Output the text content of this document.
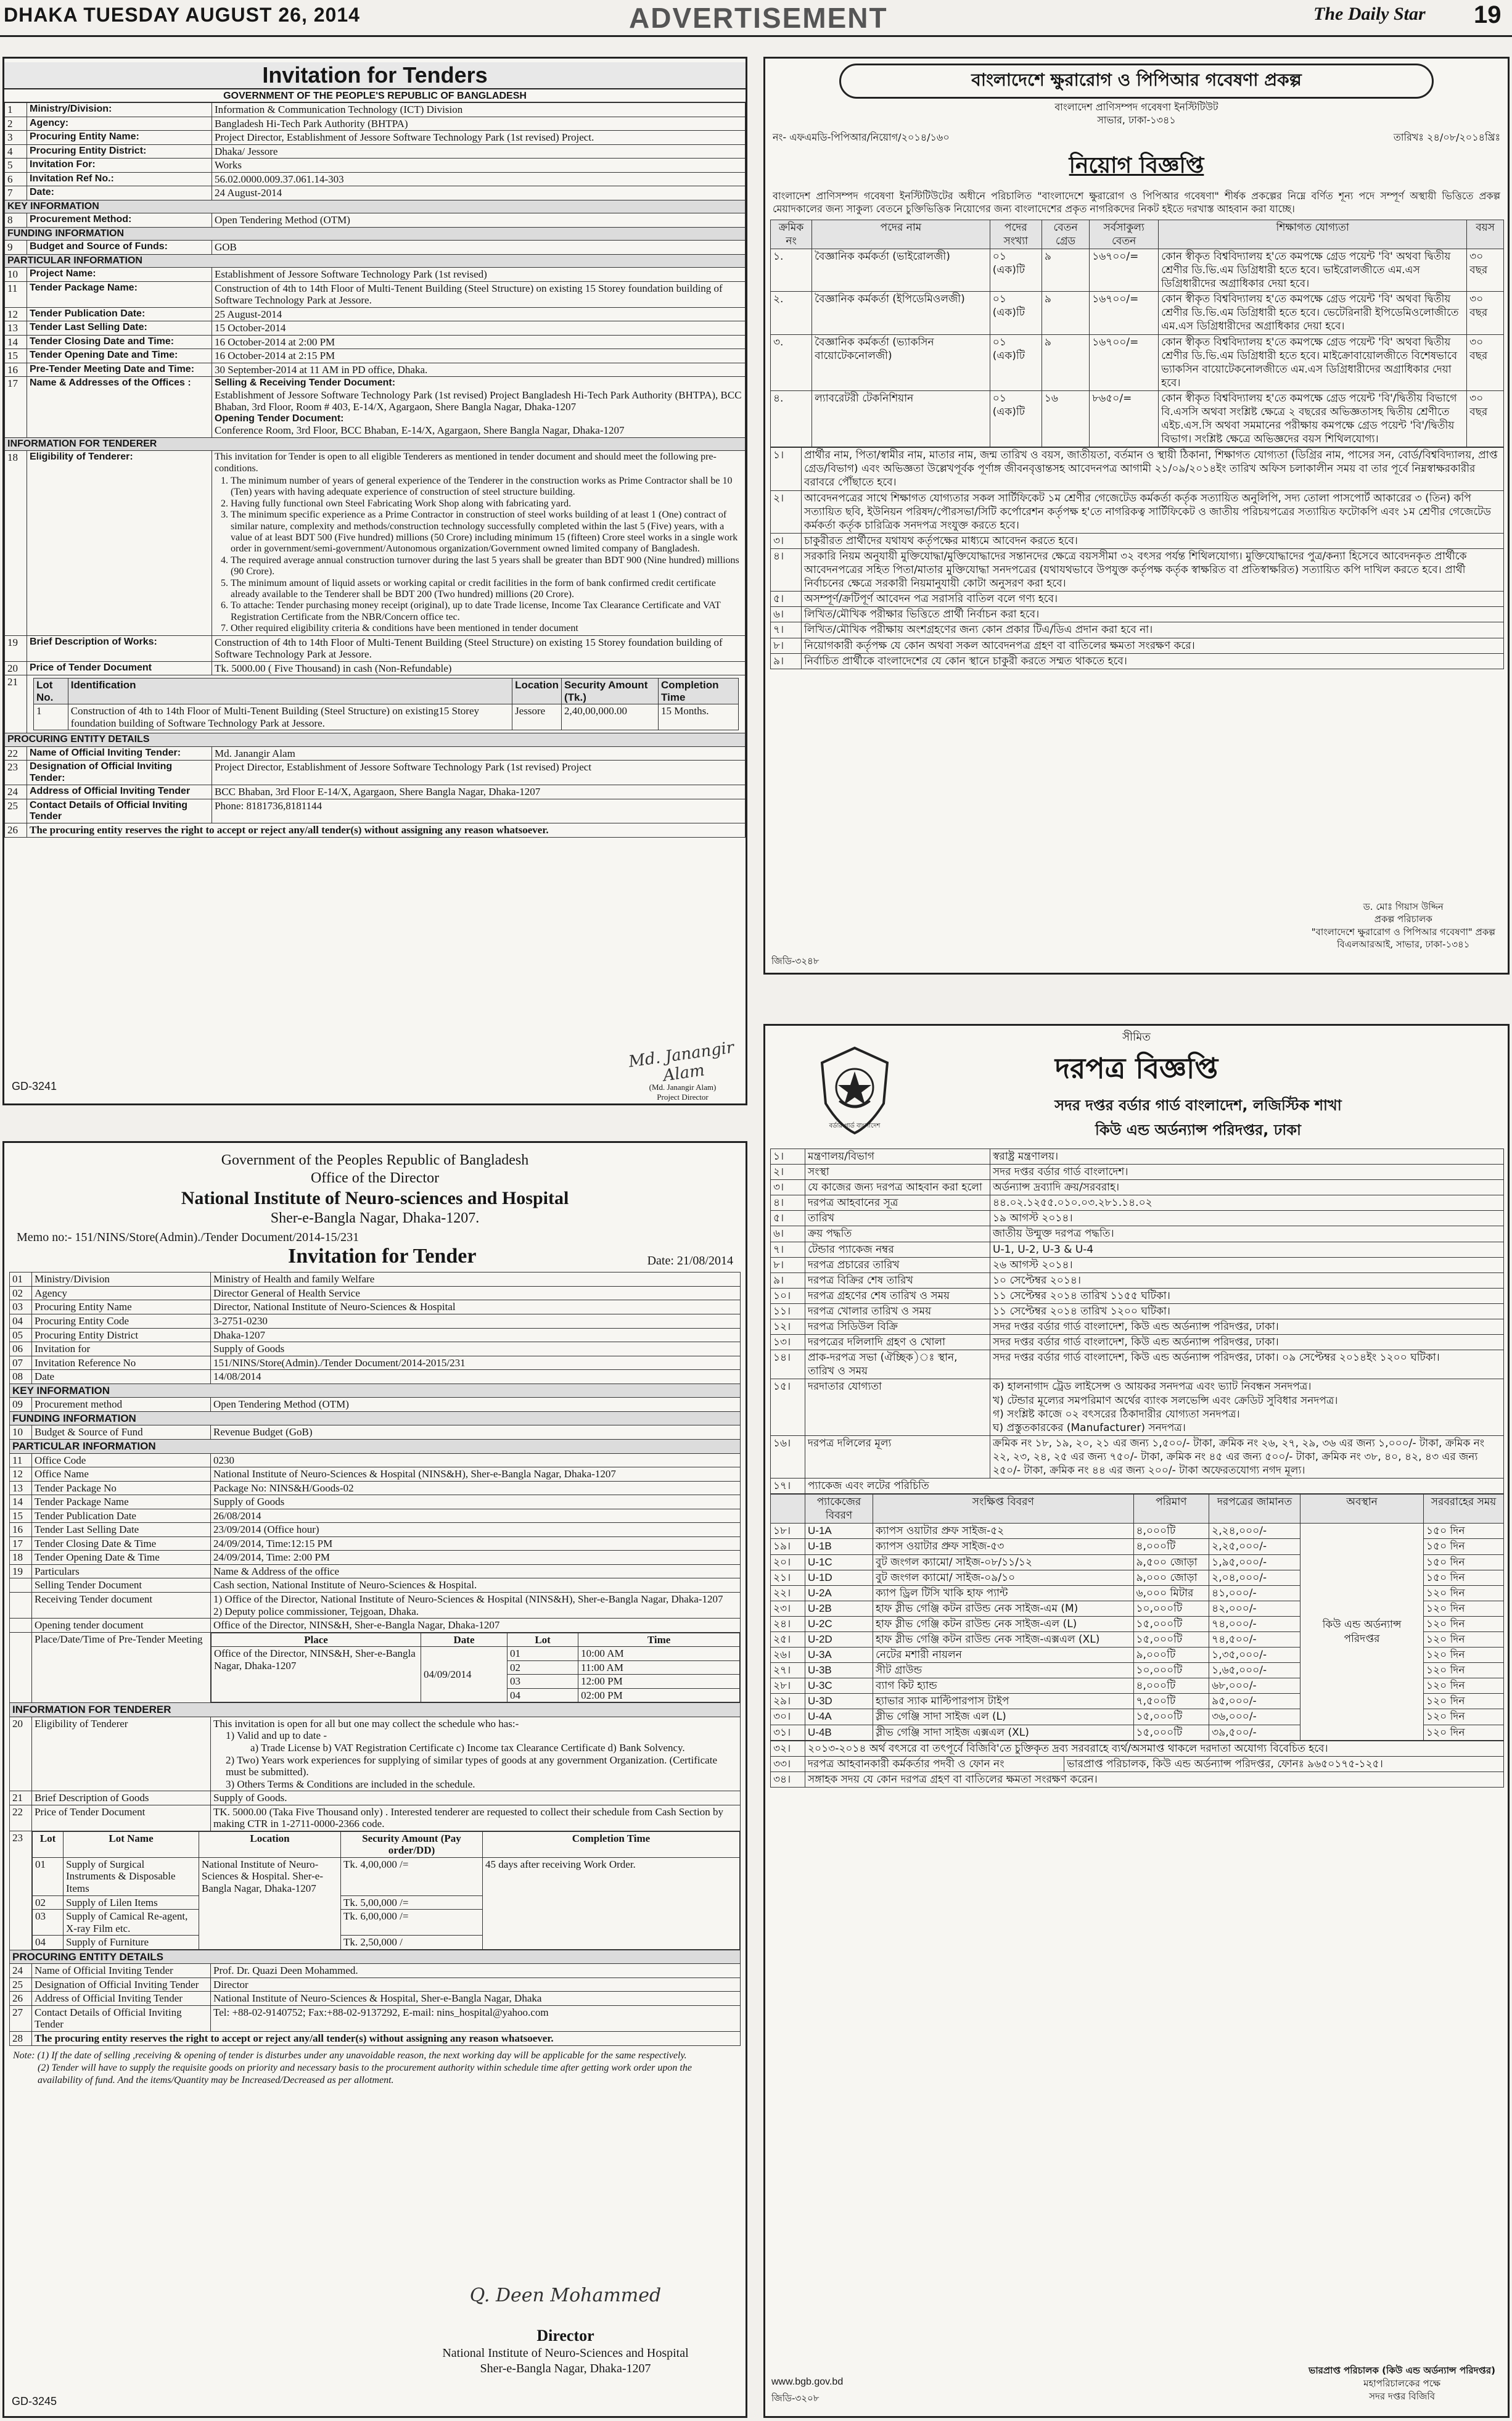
DHAKA TUESDAY AUGUST 26, 2014	ADVERTISEMENT	The Daily Star 19
Invitation for Tenders
GOVERNMENT OF THE PEOPLE'S REPUBLIC OF BANGLADESH
1	Ministry/Division:	Information & Communication Technology (ICT) Division
2	Agency:	Bangladesh Hi-Tech Park Authority (BHTPA)
3	Procuring Entity Name:	Project Director, Establishment of Jessore Software Technology Park (1st revised) Project.
4	Procuring Entity District:	Dhaka/ Jessore
5	Invitation For:	Works
6	Invitation Ref No.:	56.02.0000.009.37.061.14-303
7	Date:	24 August-2014
KEY INFORMATION
8	Procurement Method:	Open Tendering Method (OTM)
FUNDING INFORMATION
9	Budget and Source of Funds:	GOB
PARTICULAR INFORMATION
10	Project Name:	Establishment of Jessore Software Technology Park (1st revised)
11	Tender Package Name:	Construction of 4th to 14th Floor of Multi-Tenent Building (Steel Structure) on existing 15 Storey foundation building of Software Technology Park at Jessore.
12	Tender Publication Date:	25 August-2014
13	Tender Last Selling Date:	15 October-2014
14	Tender Closing Date and Time:	16 October-2014 at 2:00 PM
15	Tender Opening Date and Time:	16 October-2014 at 2:15 PM
16	Pre-Tender Meeting Date and Time:	30 September-2014 at 11 AM in PD office, Dhaka.
17	Name & Addresses of the Offices :	Selling & Receiving Tender Document:
Establishment of Jessore Software Technology Park (1st revised) Project Bangladesh Hi-Tech Park Authority (BHTPA), BCC Bhaban, 3rd Floor, Room # 403, E-14/X, Agargaon, Shere Bangla Nagar, Dhaka-1207
Opening Tender Document:
Conference Room, 3rd Floor, BCC Bhaban, E-14/X, Agargaon, Shere Bangla Nagar, Dhaka-1207

INFORMATION FOR TENDERER
18	Eligibility of Tenderer:	This invitation for Tender is open to all eligible Tenderers as mentioned in tender document and should meet the following pre-conditions.
1. The minimum number of years of general experience of the Tenderer in the construction works as Prime Contractor shall be 10 (Ten) years with having adequate experience of construction of steel structure building.
2. Having fully functional own Steel Fabricating Work Shop along with fabricating yard.
3. The minimum specific experience as a Prime Contractor in construction of steel works building of at least 1 (One) contract of similar nature, complexity and methods/construction technology successfully completed within the last 5 (Five) years, with a value of at least BDT 500 (Five hundred) millions (50 Crore) including minimum 15 (fifteen) Crore steel works in a single work order in government/semi-government/Autonomous organization/Government owned limited company of Bangladesh.
4. The required average annual construction turnover during the last 5 years shall be greater than BDT 900 (Nine hundred) millions (90 Crore).
5. The minimum amount of liquid assets or working capital or credit facilities in the form of bank confirmed credit certificate already available to the Tenderer shall be BDT 200 (Two hundred) millions (20 Crore).
6. To attache: Tender purchasing money receipt (original), up to date Trade license, Income Tax Clearance Certificate and VAT Registration Certificate from the NBR/Concern office tec.
7. Other required eligibility criteria & conditions have been mentioned in tender document

19	Brief Description of Works:	Construction of 4th to 14th Floor of Multi-Tenent Building (Steel Structure) on existing 15 Storey foundation building of Software Technology Park at Jessore.
20	Price of Tender Document	Tk. 5000.00 ( Five Thousand) in cash (Non-Refundable)
21	Lot No.	Identification	Location	Security Amount (Tk.)	Completion Time
1	Construction of 4th to 14th Floor of Multi-Tenent Building (Steel Structure) on existing15 Storey foundation building of Software Technology Park at Jessore.	Jessore	2,40,00,000.00	15 Months.

PROCURING ENTITY DETAILS
22	Name of Official Inviting Tender:	Md. Janangir Alam
23	Designation of Official Inviting Tender:	Project Director, Establishment of Jessore Software Technology Park (1st revised) Project
24	Address of Official Inviting Tender	BCC Bhaban, 3rd Floor E-14/X, Agargaon, Shere Bangla Nagar, Dhaka-1207
25	Contact Details of Official Inviting Tender	Phone: 8181736,8181144
26	The procuring entity reserves the right to accept or reject any/all tender(s) without assigning any reason whatsoever.
Md. Janangir Alam
(Md. Janangir Alam)
Project Director
GD-3241
Government of the Peoples Republic of Bangladesh
Office of the Director
National Institute of Neuro-sciences and Hospital
Sher-e-Bangla Nagar, Dhaka-1207.
Memo no:- 151/NINS/Store(Admin)./Tender Document/2014-15/231
Invitation for Tender	Date: 21/08/2014
01	Ministry/Division	Ministry of Health and family Welfare
02	Agency	Director General of Health Service
03	Procuring Entity Name	Director, National Institute of Neuro-Sciences & Hospital
04	Procuring Entity Code	3-2751-0230
05	Procuring Entity District	Dhaka-1207
06	Invitation for	Supply of Goods
07	Invitation Reference No	151/NINS/Store(Admin)./Tender Document/2014-2015/231
08	Date	14/08/2014
KEY INFORMATION
09	Procurement method	Open Tendering Method (OTM)
FUNDING INFORMATION
10	Budget & Source of Fund	Revenue Budget (GoB)
PARTICULAR INFORMATION
11	Office Code	0230
12	Office Name	National Institute of Neuro-Sciences & Hospital (NINS&H), Sher-e-Bangla Nagar, Dhaka-1207
13	Tender Package No	Package No: NINS&H/Goods-02
14	Tender Package Name	Supply of Goods
15	Tender Publication Date	26/08/2014
16	Tender Last Selling Date	23/09/2014 (Office hour)
17	Tender Closing Date & Time	24/09/2014, Time:12:15 PM
18	Tender Opening Date & Time	24/09/2014, Time: 2:00 PM
19	Particulars	Name & Address of the office
	Selling Tender Document	Cash section, National Institute of Neuro-Sciences & Hospital.
	Receiving Tender document	1) Office of the Director, National Institute of Neuro-Sciences & Hospital (NINS&H), Sher-e-Bangla Nagar, Dhaka-1207
2) Deputy police commissioner, Tejgoan, Dhaka.

	Opening tender document	Office of the Director, NINS&H, Sher-e-Bangla Nagar, Dhaka-1207
	Place/Date/Time of Pre-Tender Meeting		Place	Date	Lot	Time
Office of the Director, NINS&H, Sher-e-Bangla Nagar, Dhaka-1207	04/09/2014	01	10:00 AM
02	11:00 AM
03	12:00 PM
04	02:00 PM

INFORMATION FOR TENDERER
20	Eligibility of Tenderer	This invitation is open for all but one may collect the schedule who has:-
1) Valid and up to date -
a) Trade License b) VAT Registration Certificate c) Income tax Clearance Certificate d) Bank Solvency.
2) Two) Years work experiences for supplying of similar types of goods at any government Organization. (Certificate must be submitted).
3) Others Terms & Conditions are included in the schedule.

21	Brief Description of Goods	Supply of Goods.
22	Price of Tender Document	TK. 5000.00 (Taka Five Thousand only) . Interested tenderer are requested to collect their schedule from Cash Section by making CTR in 1-2711-0000-2366 code.
23	Lot	Lot Name	Location	Security Amount (Pay order/DD)	Completion Time
01	Supply of Surgical Instruments & Disposable Items	National Institute of Neuro-Sciences & Hospital. Sher-e-Bangla Nagar, Dhaka-1207	Tk. 4,00,000 /=	45 days after receiving Work Order.
02	Supply of Lilen Items	Tk. 5,00,000 /=
03	Supply of Camical Re-agent, X-ray Film etc.	Tk. 6,00,000 /=
04	Supply of Furniture	Tk. 2,50,000 /

PROCURING ENTITY DETAILS
24	Name of Official Inviting Tender	Prof. Dr. Quazi Deen Mohammed.
25	Designation of Official Inviting Tender	Director
26	Address of Official Inviting Tender	National Institute of Neuro-Sciences & Hospital, Sher-e-Bangla Nagar, Dhaka
27	Contact Details of Official Inviting Tender	Tel: +88-02-9140752; Fax:+88-02-9137292, E-mail: nins_hospital@yahoo.com
28	The procuring entity reserves the right to accept or reject any/all tender(s) without assigning any reason whatsoever.
Note: (1) If the date of selling ,receiving & opening of tender is disturbes under any unavoidable reason, the next working day will be applicable for the same respectively.
(2) Tender will have to supply the requisite goods on priority and necessary basis to the procurement authority within schedule time after getting work order upon the availability of fund. And the items/Quantity may be Increased/Decreased as per allotment.
Q. Deen Mohammed
Director
National Institute of Neuro-Sciences and Hospital
Sher-e-Bangla Nagar, Dhaka-1207
GD-3245
বাংলাদেশে ক্ষুরারোগ ও পিপিআর গবেষণা প্রকল্প
বাংলাদেশ প্রাণিসম্পদ গবেষণা ইনস্টিটিউট
সাভার, ঢাকা-১৩৪১
নং- এফএমডি-পিপিআর/নিয়োগ/২০১৪/১৬০	তারিখঃ ২৪/০৮/২০১৪খ্রিঃ
নিয়োগ বিজ্ঞপ্তি
বাংলাদেশ প্রাণিসম্পদ গবেষণা ইনস্টিটিউটের অধীনে পরিচালিত "বাংলাদেশে ক্ষুরারোগ ও পিপিআর গবেষণা" শীর্ষক প্রকল্পের নিম্নে বর্ণিত শূন্য পদে সম্পূর্ণ অস্থায়ী ভিত্তিতে প্রকল্প মেয়াদকালের জন্য সাকুল্য বেতনে চুক্তিভিত্তিক নিয়োগের জন্য বাংলাদেশের প্রকৃত নাগরিকদের নিকট হইতে দরখাস্ত আহবান করা যাচ্ছে।
ক্রমিক নং	পদের নাম	পদের সংখ্যা	বেতন গ্রেড	সর্বসাকুল্য বেতন	শিক্ষাগত যোগ্যতা	বয়স
১.	বৈজ্ঞানিক কর্মকর্তা (ভাইরোলজী)	০১ (এক)টি	৯	১৬৭০০/=	কোন স্বীকৃত বিশ্ববিদ্যালয় হ'তে কমপক্ষে গ্রেড পয়েন্ট 'বি' অথবা দ্বিতীয় শ্রেণীর ডি.ভি.এম ডিগ্রিধারী হতে হবে। ভাইরোলজীতে এম.এস ডিগ্রিধারীদের অগ্রাধিকার দেয়া হবে।	৩০ বছর
২.	বৈজ্ঞানিক কর্মকর্তা (ইপিডেমিওলজী)	০১ (এক)টি	৯	১৬৭০০/=	কোন স্বীকৃত বিশ্ববিদ্যালয় হ'তে কমপক্ষে গ্রেড পয়েন্ট 'বি' অথবা দ্বিতীয় শ্রেণীর ডি.ভি.এম ডিগ্রিধারী হতে হবে। ভেটেরিনারী ইপিডেমিওলোজীতে এম.এস ডিগ্রিধারীদের অগ্রাধিকার দেয়া হবে।	৩০ বছর
৩.	বৈজ্ঞানিক কর্মকর্তা (ভ্যাকসিন বায়োটেকনোলজী)	০১ (এক)টি	৯	১৬৭০০/=	কোন স্বীকৃত বিশ্ববিদ্যালয় হ'তে কমপক্ষে গ্রেড পয়েন্ট 'বি' অথবা দ্বিতীয় শ্রেণীর ডি.ভি.এম ডিগ্রিধারী হতে হবে। মাইক্রোবায়োলজীতে বিশেষভাবে ভ্যাকসিন বায়োটেকনোলজীতে এম.এস ডিগ্রিধারীদের অগ্রাধিকার দেয়া হবে।	৩০ বছর
৪.	ল্যাবরেটরী টেকনিশিয়ান	০১ (এক)টি	১৬	৮৬৫০/=	কোন স্বীকৃত বিশ্ববিদ্যালয় হ'তে কমপক্ষে গ্রেড পয়েন্ট 'বি'/দ্বিতীয় বিভাগে বি.এসসি অথবা সংশ্লিষ্ট ক্ষেত্রে ২ বছরের অভিজ্ঞতাসহ দ্বিতীয় শ্রেণীতে এইচ.এস.সি অথবা সমমানের পরীক্ষায় কমপক্ষে গ্রেড পয়েন্ট 'বি'/দ্বিতীয় বিভাগ। সংশ্লিষ্ট ক্ষেত্রে অভিজ্ঞদের বয়স শিথিলযোগ্য।	৩০ বছর
১।	প্রার্থীর নাম, পিতা/স্বামীর নাম, মাতার নাম, জন্ম তারিখ ও বয়স, জাতীয়তা, বর্তমান ও স্থায়ী ঠিকানা, শিক্ষাগত যোগ্যতা (ডিগ্রির নাম, পাসের সন, বোর্ড/বিশ্ববিদ্যালয়, প্রাপ্ত গ্রেড/বিভাগ) এবং অভিজ্ঞতা উল্লেখপূর্বক পূর্ণাঙ্গ জীবনবৃত্তান্তসহ আবেদনপত্র আগামী ২১/০৯/২০১৪ইং তারিখ অফিস চলাকালীন সময় বা তার পূর্বে নিম্নস্বাক্ষরকারীর বরাবরে পৌঁছাতে হবে।
২।	আবেদনপত্রের সাথে শিক্ষাগত যোগ্যতার সকল সার্টিফিকেট ১ম শ্রেণীর গেজেটেড কর্মকর্তা কর্তৃক সত্যায়িত অনুলিপি, সদ্য তোলা পাসপোর্ট আকারের ৩ (তিন) কপি সত্যায়িত ছবি, ইউনিয়ন পরিষদ/পৌরসভা/সিটি কর্পোরেশন কর্তৃপক্ষ হ'তে নাগরিকত্ব সার্টিফিকেট ও জাতীয় পরিচয়পত্রের সত্যায়িত ফটোকপি এবং ১ম শ্রেণীর গেজেটেড কর্মকর্তা কর্তৃক চারিত্রিক সনদপত্র সংযুক্ত করতে হবে।
৩।	চাকুরীরত প্রার্থীদের যথাযথ কর্তৃপক্ষের মাধ্যমে আবেদন করতে হবে।
৪।	সরকারি নিয়ম অনুযায়ী মুক্তিযোদ্ধা/মুক্তিযোদ্ধাদের সন্তানদের ক্ষেত্রে বয়সসীমা ৩২ বৎসর পর্যন্ত শিথিলযোগ্য। মুক্তিযোদ্ধাদের পুত্র/কন্যা হিসেবে আবেদনকৃত প্রার্থীকে আবেদনপত্রের সহিত পিতা/মাতার মুক্তিযোদ্ধা সনদপত্রের (যথাযথভাবে উপযুক্ত কর্তৃপক্ষ কর্তৃক স্বাক্ষরিত বা প্রতিস্বাক্ষরিত) সত্যায়িত কপি দাখিল করতে হবে। প্রার্থী নির্বাচনের ক্ষেত্রে সরকারী নিয়মানুযায়ী কোটা অনুসরণ করা হবে।
৫।	অসম্পূর্ণ/ক্রটিপূর্ণ আবেদন পত্র সরাসরি বাতিল বলে গণ্য হবে।
৬।	লিখিত/মৌখিক পরীক্ষার ভিত্তিতে প্রার্থী নির্বাচন করা হবে।
৭।	লিখিত/মৌখিক পরীক্ষায় অংশগ্রহণের জন্য কোন প্রকার টিএ/ডিএ প্রদান করা হবে না।
৮।	নিয়োগকারী কর্তৃপক্ষ যে কোন অথবা সকল আবেদনপত্র গ্রহণ বা বাতিলের ক্ষমতা সংরক্ষণ করে।
৯।	নির্বাচিত প্রার্থীকে বাংলাদেশের যে কোন স্থানে চাকুরী করতে সম্মত থাকতে হবে।
ড. মোঃ গিয়াস উদ্দিন
প্রকল্প পরিচালক
"বাংলাদেশে ক্ষুরারোগ ও পিপিআর গবেষণা" প্রকল্প
বিএলআরআই, সাভার, ঢাকা-১৩৪১
জিডি-৩২৪৮
বর্ডার গার্ড বাংলাদেশ
সীমিত
দরপত্র বিজ্ঞপ্তি
সদর দপ্তর বর্ডার গার্ড বাংলাদেশ, লজিস্টিক শাখা
কিউ এন্ড অর্ডন্যান্স পরিদপ্তর, ঢাকা
১।	মন্ত্রণালয়/বিভাগ	স্বরাষ্ট্র মন্ত্রণালয়।
২।	সংস্থা	সদর দপ্তর বর্ডার গার্ড বাংলাদেশ।
৩।	যে কাজের জন্য দরপত্র আহবান করা হলো	অর্ডন্যান্স দ্রব্যাদি ক্রয়/সরবরাহ।
৪।	দরপত্র আহবানের সূত্র	৪৪.০২.১২৫৫.০১০.০৩.২৮১.১৪.০২
৫।	তারিখ	১৯ আগস্ট ২০১৪।
৬।	ক্রয় পদ্ধতি	জাতীয় উন্মুক্ত দরপত্র পদ্ধতি।
৭।	টেন্ডার প্যাকেজ নম্বর	U-1, U-2, U-3 & U-4
৮।	দরপত্র প্রচারের তারিখ	২৬ আগস্ট ২০১৪।
৯।	দরপত্র বিক্রির শেষ তারিখ	১০ সেপ্টেম্বর ২০১৪।
১০।	দরপত্র গ্রহণের শেষ তারিখ ও সময়	১১ সেপ্টেম্বর ২০১৪ তারিখ ১১৫৫ ঘটিকা।
১১।	দরপত্র খোলার তারিখ ও সময়	১১ সেপ্টেম্বর ২০১৪ তারিখ ১২০০ ঘটিকা।
১২।	দরপত্র সিডিউল বিক্রি	সদর দপ্তর বর্ডার গার্ড বাংলাদেশ, কিউ এন্ড অর্ডন্যান্স পরিদপ্তর, ঢাকা।
১৩।	দরপত্রের দলিলাদি গ্রহণ ও খোলা	সদর দপ্তর বর্ডার গার্ড বাংলাদেশ, কিউ এন্ড অর্ডন্যান্স পরিদপ্তর, ঢাকা।
১৪।	প্রাক-দরপত্র সভা (ঐচ্ছিক)ঃ স্থান, তারিখ ও সময়	সদর দপ্তর বর্ডার গার্ড বাংলাদেশ, কিউ এন্ড অর্ডন্যান্স পরিদপ্তর, ঢাকা। ০৯ সেপ্টেম্বর ২০১৪ইং ১২০০ ঘটিকা।
১৫।	দরদাতার যোগ্যতা	ক) হালনাগাদ ট্রেড লাইসেন্স ও আয়কর সনদপত্র এবং ভ্যাট নিবন্ধন সনদপত্র।
খ) টেন্ডার মূল্যের সমপরিমাণ অর্থের ব্যাংক সলভেন্সি এবং ক্রেডিট সুবিধার সনদপত্র।
গ) সংশ্লিষ্ট কাজে ০২ বৎসরের ঠিকাদারীর যোগ্যতা সনদপত্র।
ঘ) প্রস্তুতকারকের (Manufacturer) সনদপত্র।

১৬।	দরপত্র দলিলের মূল্য	ক্রমিক নং ১৮, ১৯, ২০, ২১ এর জন্য ১,৫০০/- টাকা, ক্রমিক নং ২৬, ২৭, ২৯, ৩৬ এর জন্য ১,০০০/- টাকা, ক্রমিক নং ২২, ২৩, ২৪, ২৫ এর জন্য ৭৫০/- টাকা, ক্রমিক নং ৪৫ এর জন্য ৫০০/- টাকা, ক্রমিক নং ৩৮, ৪০, ৪২, ৪৩ এর জন্য ২৫০/- টাকা, ক্রমিক নং ৪৪ এর জন্য ২০০/- টাকা অফেরতযোগ্য নগদ মূল্য।
১৭।	প্যাকেজ এবং লটের পরিচিতি	
	প্যাকেজের বিবরণ	সংক্ষিপ্ত বিবরণ	পরিমাণ	দরপত্রের জামানত	অবস্থান	সরবরাহের সময়
১৮।	U-1A	ক্যাপস ওয়াটার প্রুফ সাইজ-৫২	৪,০০০টি	২,২৪,০০০/-	কিউ এন্ড অর্ডন্যান্স পরিদপ্তর	১৫০ দিন
১৯।	U-1B	ক্যাপস ওয়াটার প্রুফ সাইজ-৫৩	৪,০০০টি	২,২৫,০০০/-		১৫০ দিন
২০।	U-1C	বুট জংগল ক্যামো/ সাইজ-০৮/১১/১২	৯,৫০০ জোড়া	১,৯৫,০০০/-		১৫০ দিন
২১।	U-1D	বুট জংগল ক্যামো/ সাইজ-০৯/১০	৯,০০০ জোড়া	২,০৪,০০০/-		১৫০ দিন
২২।	U-2A	ক্যাপ ড্রিল টিসি খাকি হাফ প্যান্ট	৬,০০০ মিটার	৪১,০০০/-		১২০ দিন
২৩।	U-2B	হাফ স্লীভ গেঞ্জি কটন রাউন্ড নেক সাইজ-এম (M)	১০,০০০টি	৪২,০০০/-		১২০ দিন
২৪।	U-2C	হাফ স্লীভ গেঞ্জি কটন রাউন্ড নেক সাইজ-এল (L)	১৫,০০০টি	৭৪,০০০/-		১২০ দিন
২৫।	U-2D	হাফ স্লীভ গেঞ্জি কটন রাউন্ড নেক সাইজ-এক্সএল (XL)	১৫,০০০টি	৭৪,৫০০/-		১২০ দিন
২৬।	U-3A	নেটের মশারী নায়লন	৯,০০০টি	১,৩৫,০০০/-		১২০ দিন
২৭।	U-3B	সীট গ্রাউন্ড	১০,০০০টি	১,৬৫,০০০/-		১২০ দিন
২৮।	U-3C	ব্যাগ কিট হ্যান্ড	৪,০০০টি	৬৮,০০০/-		১২০ দিন
২৯।	U-3D	হ্যাভার স্যাক মাল্টিপারপাস টাইপ	৭,৫০০টি	৯৫,০০০/-		১২০ দিন
৩০।	U-4A	স্লীভ গেঞ্জি সাদা সাইজ এল (L)	১৫,০০০টি	৩৬,০০০/-		১২০ দিন
৩১।	U-4B	স্লীভ গেঞ্জি সাদা সাইজ এক্সএল (XL)	১৫,০০০টি	৩৯,৫০০/-		১২০ দিন
৩২।	২০১৩-২০১৪ অর্থ বৎসরে বা তৎপূর্বে বিজিবি'তে চুক্তিকৃত দ্রব্য সরবরাহে ব্যর্থ/অসমাপ্ত থাকলে দরদাতা অযোগ্য বিবেচিত হবে।	
৩৩।	দরপত্র আহবানকারী কর্মকর্তার পদবী ও ফোন নং	ভারপ্রাপ্ত পরিচালক, কিউ এন্ড অর্ডন্যান্স পরিদপ্তর, ফোনঃ ৯৬৫০১৭৫-১২৫।
৩৪।	সঙ্গাহক সদয় যে কোন দরপত্র গ্রহণ বা বাতিলের ক্ষমতা সংরক্ষণ করেন।	
www.bgb.gov.bd
জিডি-৩২০৮
ভারপ্রাপ্ত পরিচালক (কিউ এন্ড অর্ডন্যান্স পরিদপ্তর)
মহাপরিচালকের পক্ষে
সদর দপ্তর বিজিবি
